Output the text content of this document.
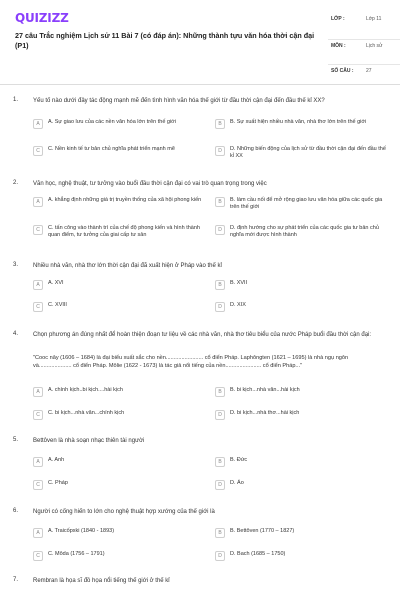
QUIZIZZ
27 câu Trắc nghiệm Lịch sử 11 Bài 7 (có đáp án): Những thành tựu văn hóa thời cận đại (P1)
LỚP :	Lớp 11
MÔN :	Lịch sử
SỐ CÂU :	27
1. Yếu tố nào dưới đây tác động mạnh mẽ đến tình hình văn hóa thế giới từ đầu thời cận đại đến đầu thế kỉ XX?
A	A. Sự giao lưu của các nền văn hóa lớn trên thế giới	B	B. Sự xuất hiện nhiều nhà văn, nhà thơ lớn trên thế giới
C	C. Nền kinh tế tư bản chủ nghĩa phát triển mạnh mẽ	D	D. Những biến động của lịch sử từ đầu thời cận đại đến đầu thế kỉ XX
2. Văn học, nghệ thuật, tư tưởng vào buổi đầu thời cận đại có vai trò quan trọng trong việc
A	A. khẳng định những giá trị truyền thống của xã hội phong kiến	B	B. làm cầu nối để mở rộng giao lưu văn hóa giữa các quốc gia trên thế giới
C	C. tấn công vào thành trì của chế độ phong kiến và hình thành quan điểm, tư tưởng của giai cấp tư sản
D	D. định hướng cho sự phát triển của các quốc gia tư bản chủ nghĩa mới được hình thành
3. Nhiều nhà văn, nhà thơ lớn thời cận đại đã xuất hiện ở Pháp vào thế kỉ
A	A. XVI	B	B. XVII
C	C. XVIII	D	D. XIX
4. Chọn phương án đúng nhất để hoàn thiện đoạn tư liệu về các nhà văn, nhà thơ tiêu biểu của nước Pháp buổi đầu thời cận đại:
"Cooc nây (1606 – 1684) là đại biểu xuất sắc cho nền........................ cổ điển Pháp. Laphôngten (1621 – 1695) là nhà ngụ ngôn và..................... cổ điển Pháp. Môlie (1622 - 1673) là tác giả nổi tiếng của nền....................... cổ điển Pháp..."
A	A. chính kịch..bi kịch....hài kịch	B	B. bi kịch...nhà văn...hài kịch
C	C. bi kịch...nhà văn...chính kịch	D	D. bi kịch...nhà thơ...hài kịch
5. Bettôven là nhà soạn nhạc thiên tài người
A	A. Anh	B	B. Đức
C	C. Pháp	D	D. Áo
6. Người có cống hiến to lớn cho nghệ thuật hợp xướng của thế giới là
A	A. Traicốpxki (1840 - 1893)	B	B. Bettôven (1770 – 1827)
C	C. Môda (1756 – 1791)	D	D. Bach (1685 – 1750)
7. Rembran là họa sĩ đồ họa nổi tiếng thế giới ở thế kỉ
